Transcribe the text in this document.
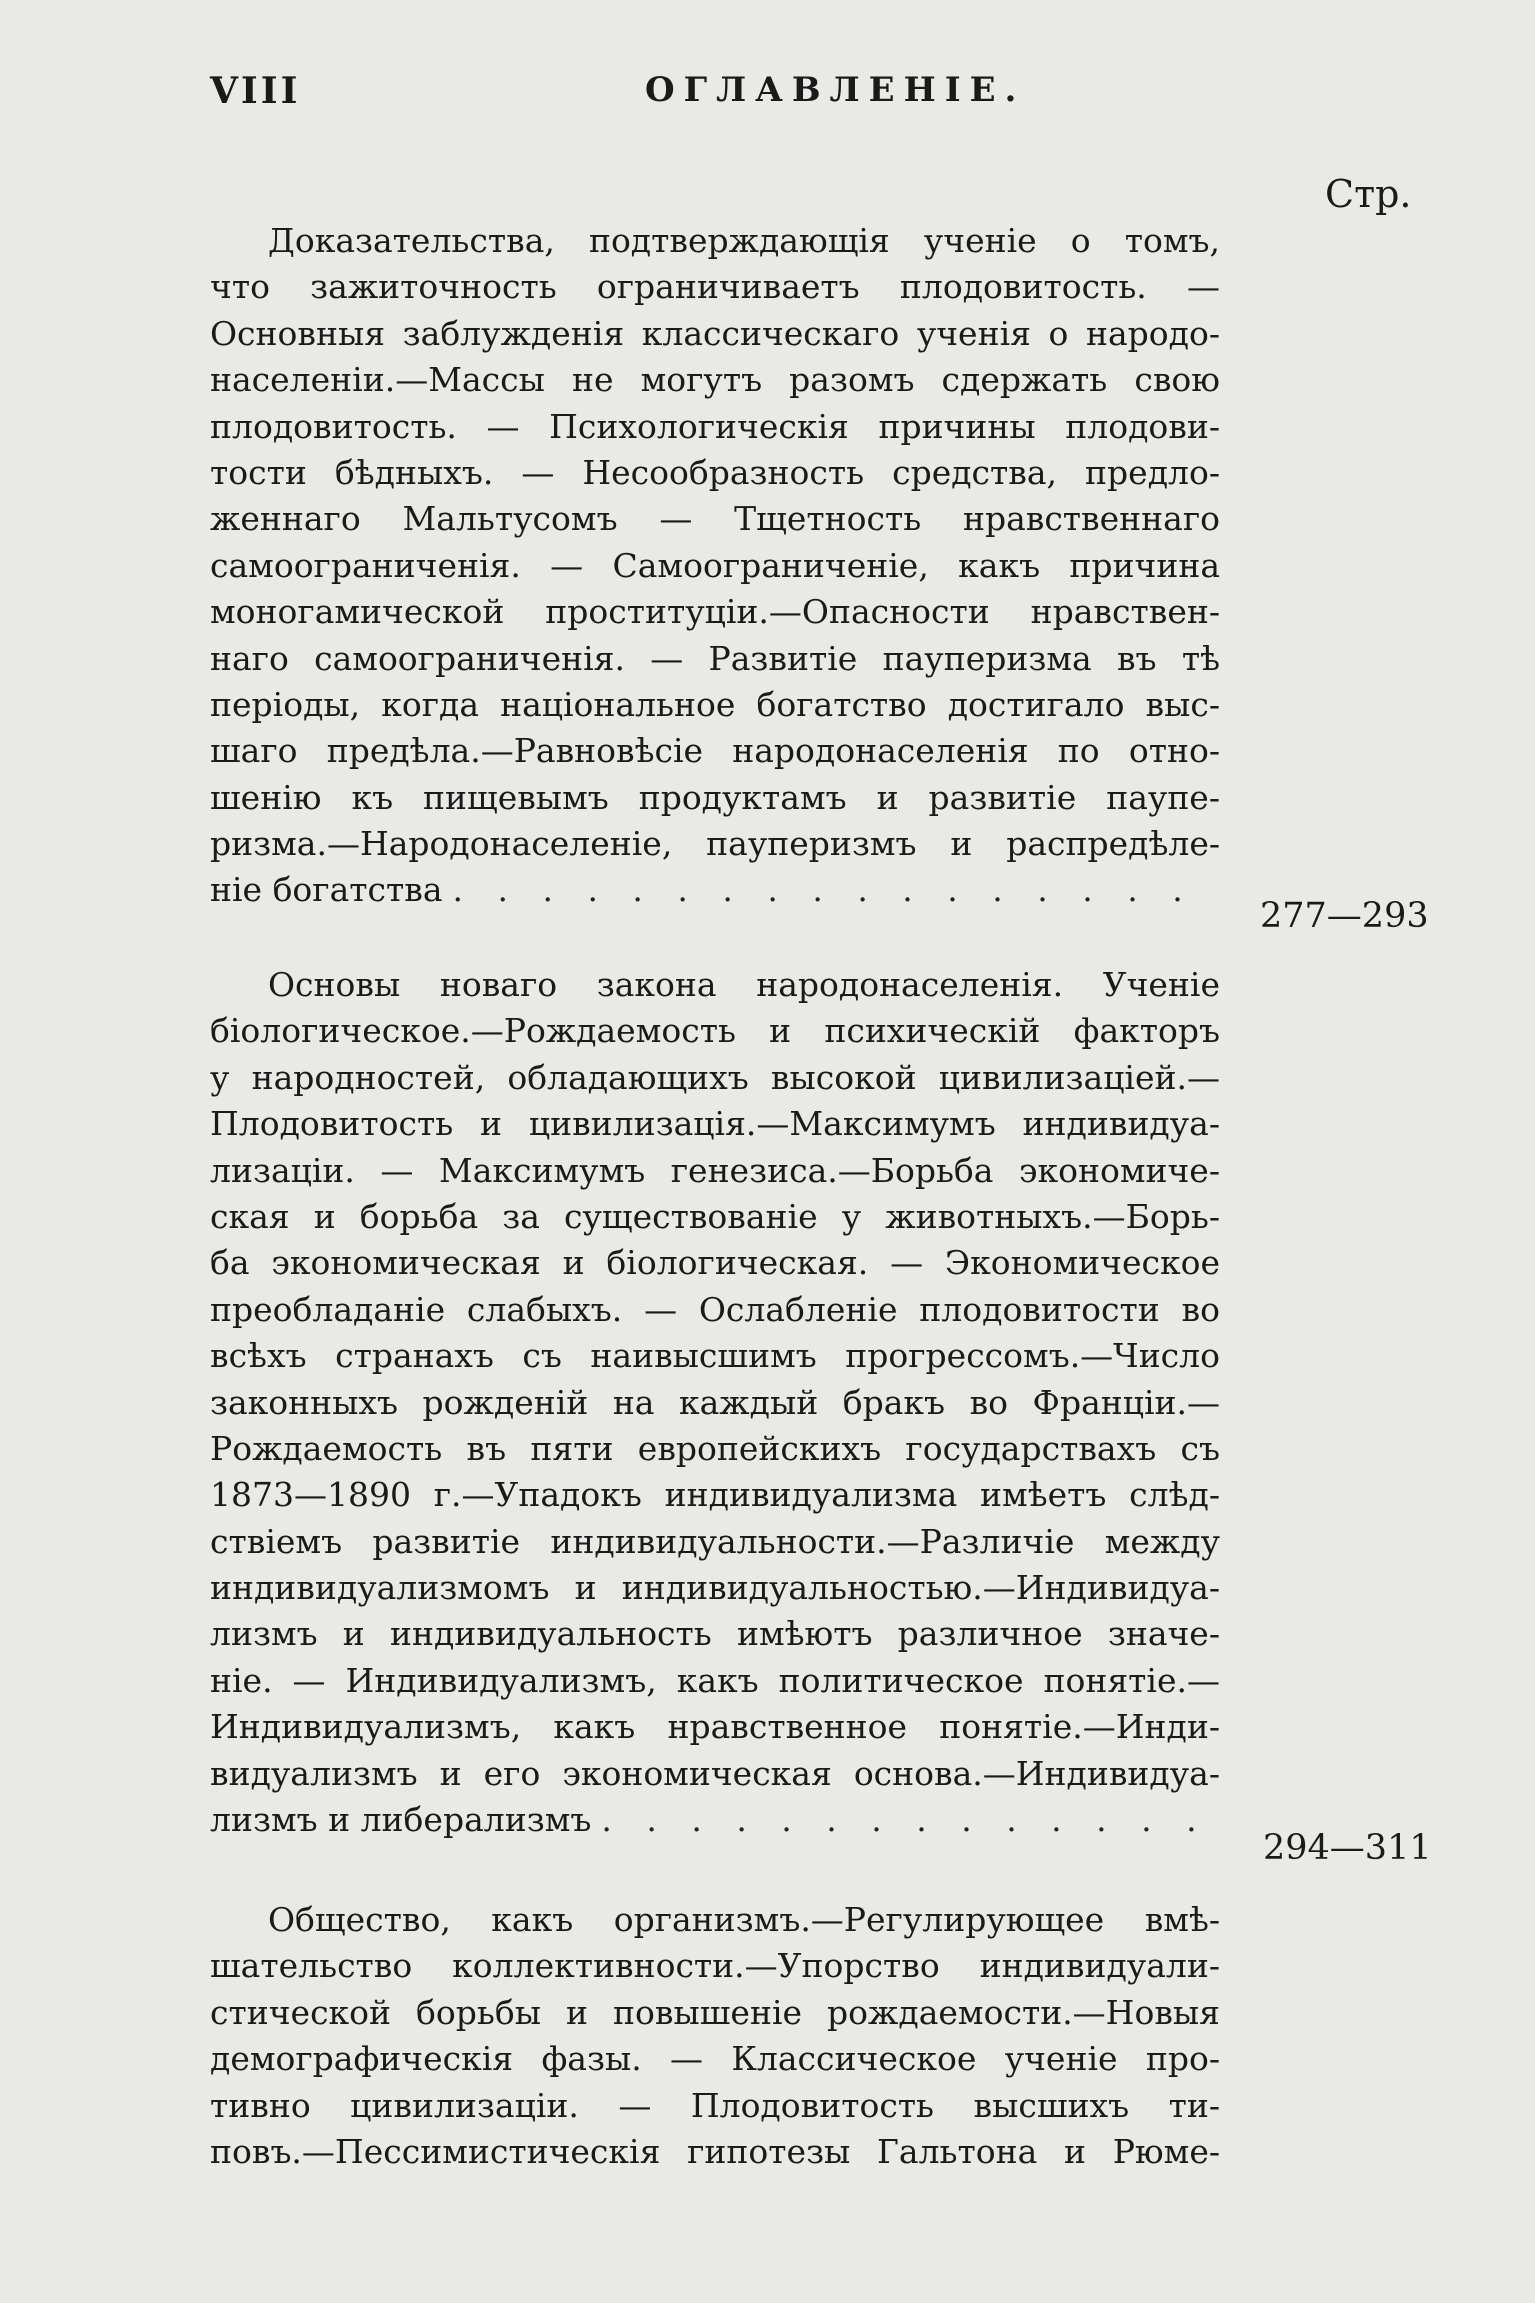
VIII	ОГЛАВЛЕНІЕ.
Стр.
Доказательства, подтверждающія ученіе о томъ,
что зажиточность ограничиваетъ плодовитость. —
Основныя заблужденія классическаго ученія о народо-
населеніи.—Массы не могутъ разомъ сдержать свою
плодовитость. — Психологическія причины плодови-
тости бѣдныхъ. — Несообразность средства, предло-
женнаго Мальтусомъ — Тщетность нравственнаго
самоограниченія. — Самоограниченіе, какъ причина
моногамической проституціи.—Опасности нравствен-
наго самоограниченія. — Развитіе пауперизма въ тѣ
періоды, когда національное богатство достигало выс-
шаго предѣла.—Равновѣсіе народонаселенія по отно-
шенію къ пищевымъ продуктамъ и развитіе паупе-
ризма.—Народонаселеніе, пауперизмъ и распредѣле-
ніе богатства
. . .
277—293
Основы новаго закона народонаселенія. Ученіе
біологическое.—Рождаемость и психическій факторъ
у народностей, обладающихъ высокой цивилизаціей.—
Плодовитость и цивилизація.—Максимумъ индивидуа-
лизаціи. — Максимумъ генезиса.—Борьба экономиче-
ская и борьба за существованіе у животныхъ.—Борь-
ба экономическая и біологическая. — Экономическое
преобладаніе слабыхъ. — Ослабленіе плодовитости во
всѣхъ странахъ съ наивысшимъ прогрессомъ.—Число
законныхъ рожденій на каждый бракъ во Франціи.—
Рождаемость въ пяти европейскихъ государствахъ съ
1873—1890 г.—Упадокъ индивидуализма имѣетъ слѣд-
ствіемъ развитіе индивидуальности.—Различіе между
индивидуализмомъ и индивидуальностью.—Индивидуа-
лизмъ и индивидуальность имѣютъ различное значе-
ніе. — Индивидуализмъ, какъ политическое понятіе.—
Индивидуализмъ, какъ нравственное понятіе.—Инди-
видуализмъ и его экономическая основа.—Индивидуа-
лизмъ и либерализмъ
. . .
294—311
Общество, какъ организмъ.—Регулирующее вмѣ-
шательство коллективности.—Упорство индивидуали-
стической борьбы и повышеніе рождаемости.—Новыя
демографическія фазы. — Классическое ученіе про-
тивно цивилизаціи. — Плодовитость высшихъ ти-
повъ.—Пессимистическія гипотезы Гальтона и Рюме-
